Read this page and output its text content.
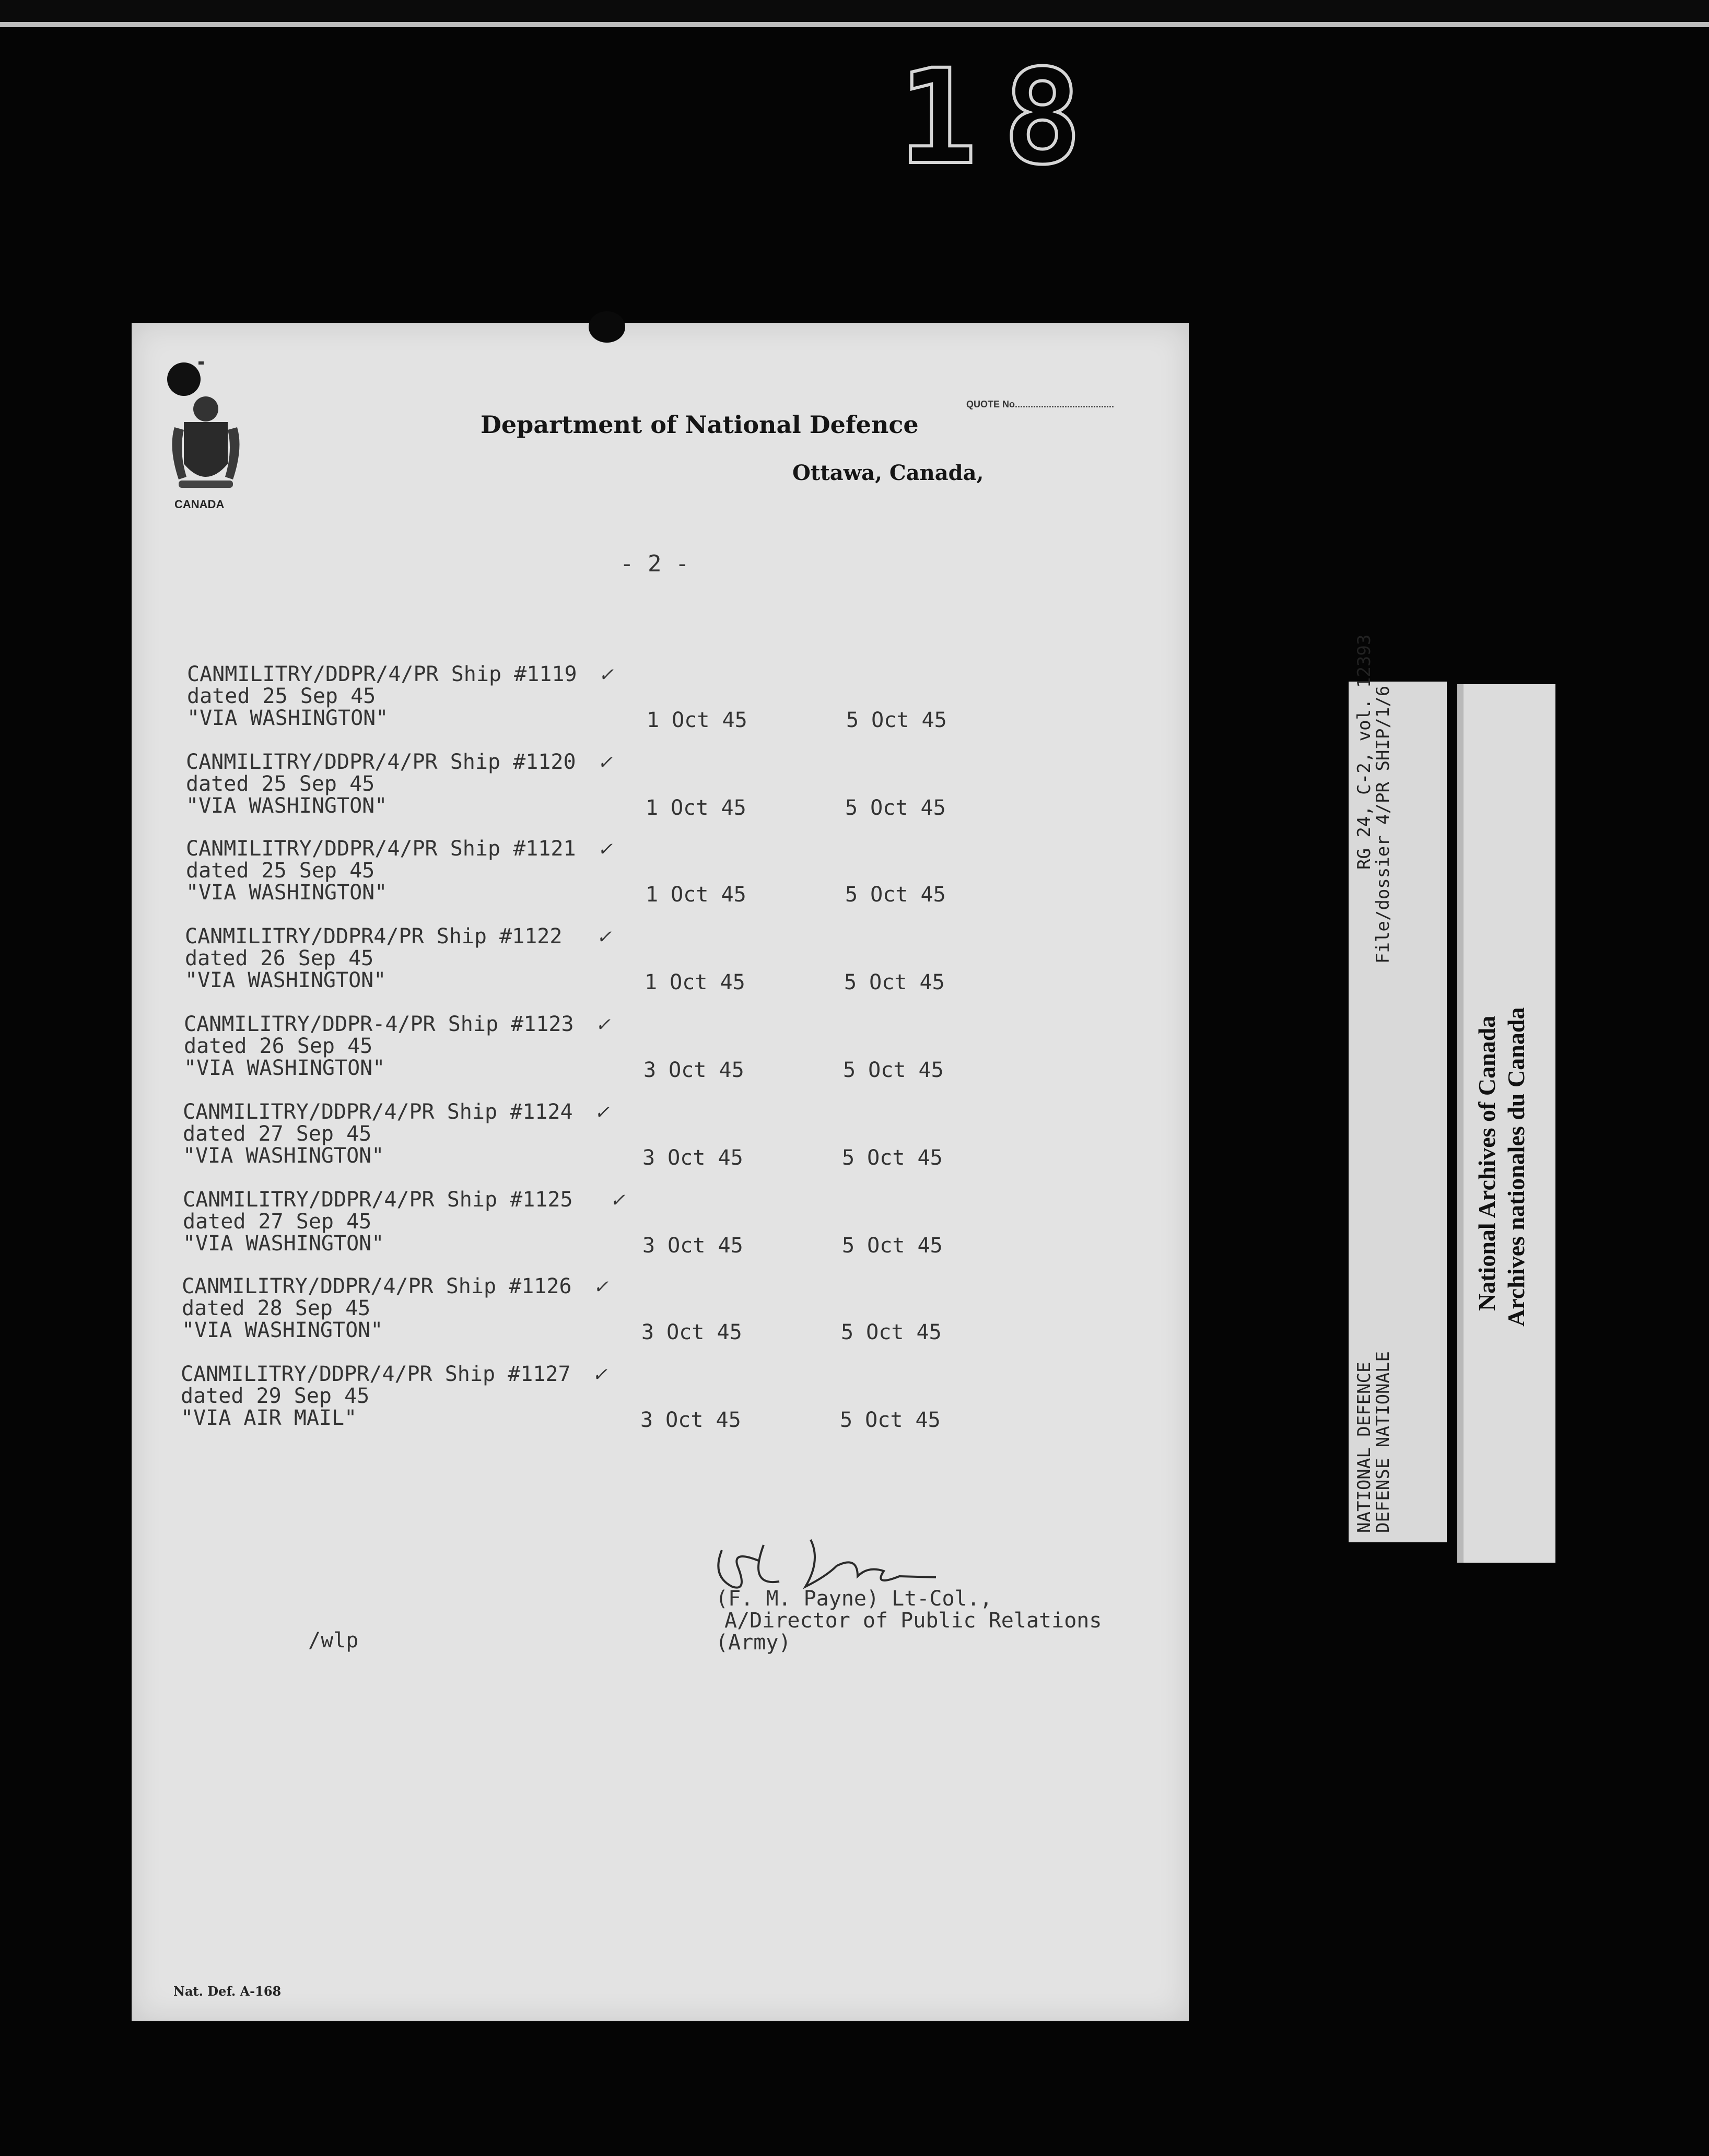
18
CANADA
Department of National Defence
QUOTE No......................................
Ottawa, Canada,
- 2 -
CANMILITRY/DDPR/4/PR Ship #1119
dated 25 Sep 45
"VIA WASHINGTON"	1 Oct 45	5 Oct 45
✓
CANMILITRY/DDPR/4/PR Ship #1120
dated 25 Sep 45
"VIA WASHINGTON"	1 Oct 45	5 Oct 45
✓
CANMILITRY/DDPR/4/PR Ship #1121
dated 25 Sep 45
"VIA WASHINGTON"	1 Oct 45	5 Oct 45
✓
CANMILITRY/DDPR4/PR Ship #1122
dated 26 Sep 45
"VIA WASHINGTON"	1 Oct 45	5 Oct 45
✓
CANMILITRY/DDPR-4/PR Ship #1123
dated 26 Sep 45
"VIA WASHINGTON"	3 Oct 45	5 Oct 45
✓
CANMILITRY/DDPR/4/PR Ship #1124
dated 27 Sep 45
"VIA WASHINGTON"	3 Oct 45	5 Oct 45
✓
CANMILITRY/DDPR/4/PR Ship #1125
dated 27 Sep 45
"VIA WASHINGTON"	3 Oct 45	5 Oct 45
✓
CANMILITRY/DDPR/4/PR Ship #1126
dated 28 Sep 45
"VIA WASHINGTON"	3 Oct 45	5 Oct 45
✓
CANMILITRY/DDPR/4/PR Ship #1127
dated 29 Sep 45
"VIA AIR MAIL"	3 Oct 45	5 Oct 45
✓
(F. M. Payne) Lt-Col.,
A/Director of Public Relations
(Army)
/wlp
Nat. Def. A-168
RG 24, C-2, vol. 12393
File/dossier 4/PR SHIP/1/6
NATIONAL DEFENCE
DEFENSE NATIONALE
National Archives of Canada Archives nationales du Canada
